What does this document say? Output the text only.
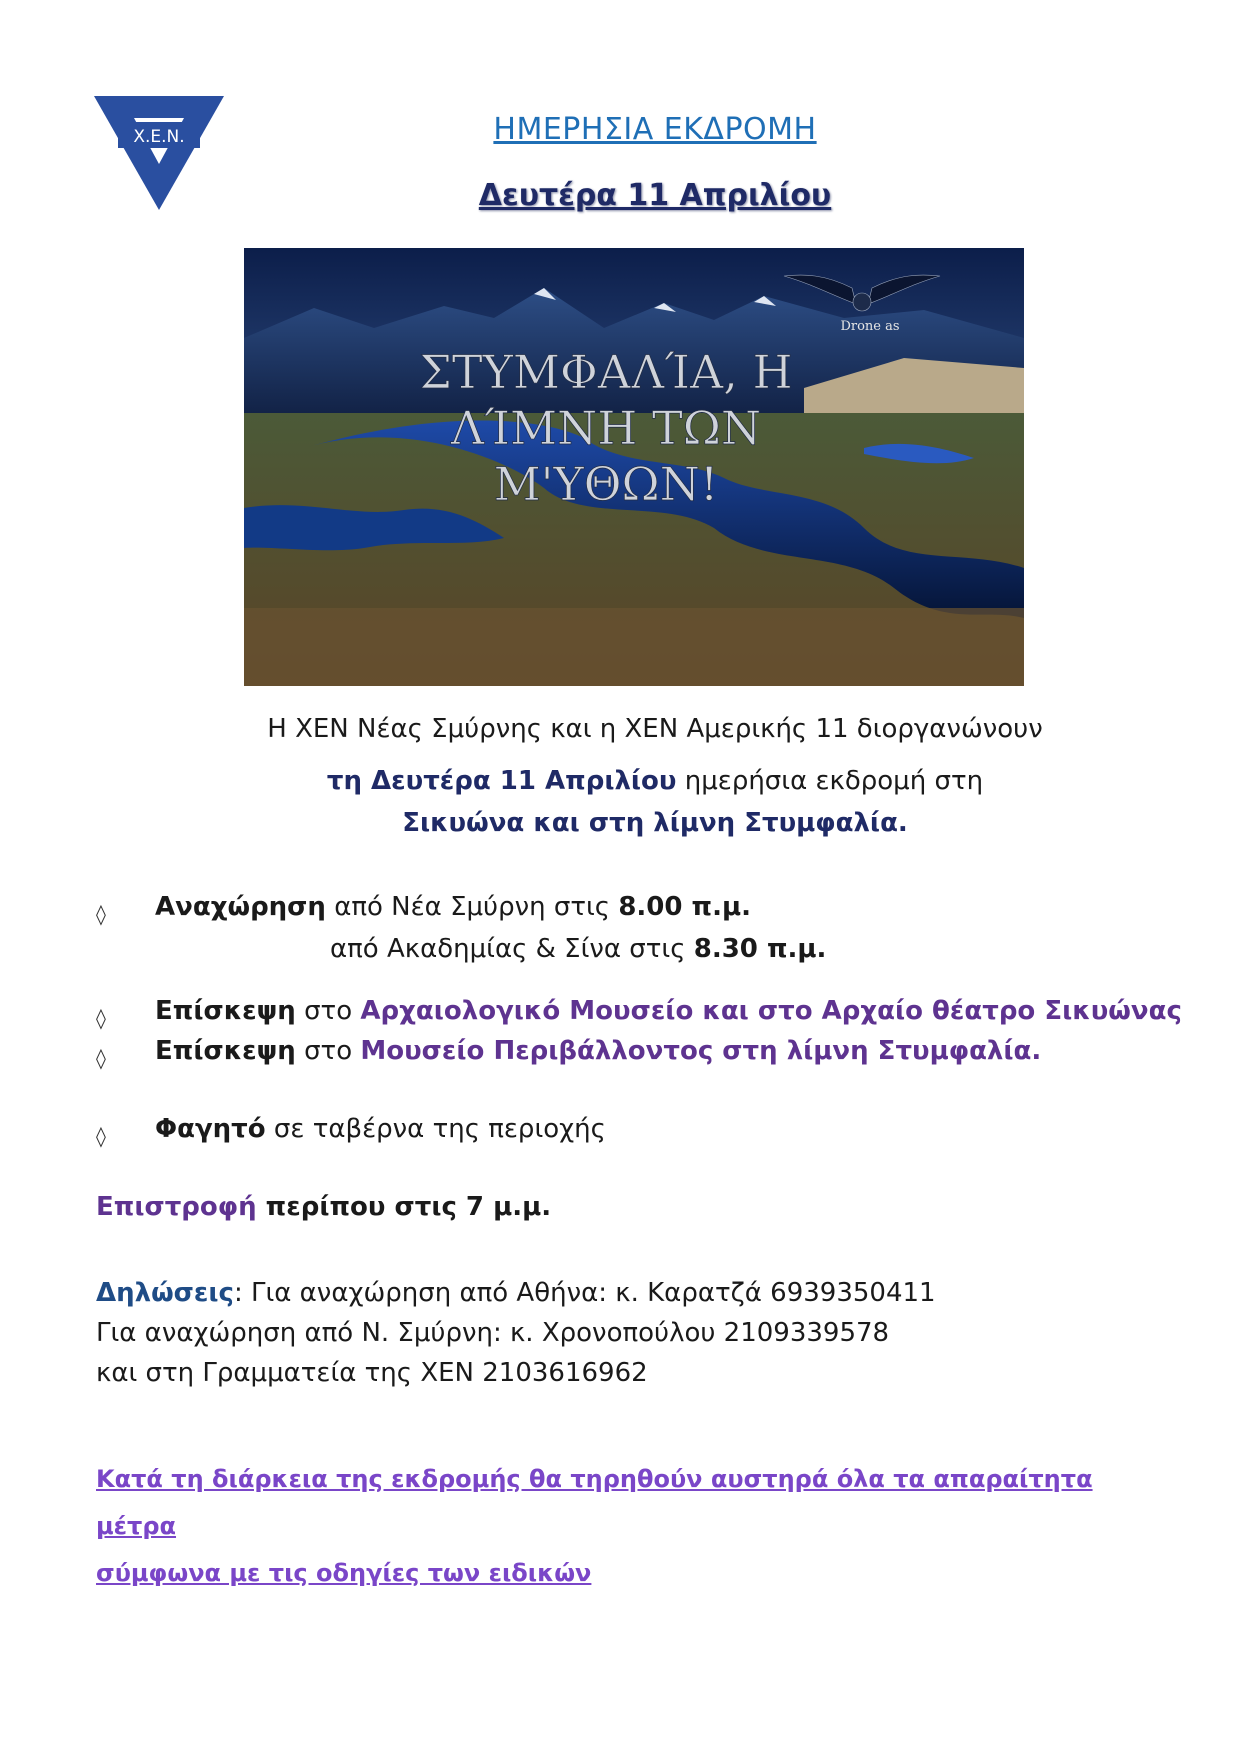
Χ.Ε.Ν.	ΗΜΕΡΗΣΙΑ ΕΚΔΡΟΜΗ
Δευτέρα 11 Απριλίου
ΣΤΥΜΦΑΛΊΑ, Η
ΛΊΜΝΗ ΤΩΝ
Μ'ΥΘΩΝ!
Drone as
Η ΧΕΝ Νέας Σμύρνης και η ΧΕΝ Αμερικής 11 διοργανώνουν
τη Δευτέρα 11 Απριλίου ημερήσια εκδρομή στη
Σικυώνα και στη λίμνη Στυμφαλία.
◊ Αναχώρηση από Νέα Σμύρνη στις 8.00 π.μ.
από Ακαδημίας & Σίνα στις 8.30 π.μ.
◊ Επίσκεψη στο Αρχαιολογικό Μουσείο και στο Αρχαίο θέατρο Σικυώνας
◊ Επίσκεψη στο Μουσείο Περιβάλλοντος στη λίμνη Στυμφαλία.
◊ Φαγητό σε ταβέρνα της περιοχής
Επιστροφή περίπου στις 7 μ.μ.
Δηλώσεις: Για αναχώρηση από Αθήνα: κ. Καρατζά 6939350411
Για αναχώρηση από Ν. Σμύρνη: κ. Χρονοπούλου 2109339578
και στη Γραμματεία της ΧΕΝ 2103616962
Κατά τη διάρκεια της εκδρομής θα τηρηθούν αυστηρά όλα τα απαραίτητα μέτρα
σύμφωνα με τις οδηγίες των ειδικών
